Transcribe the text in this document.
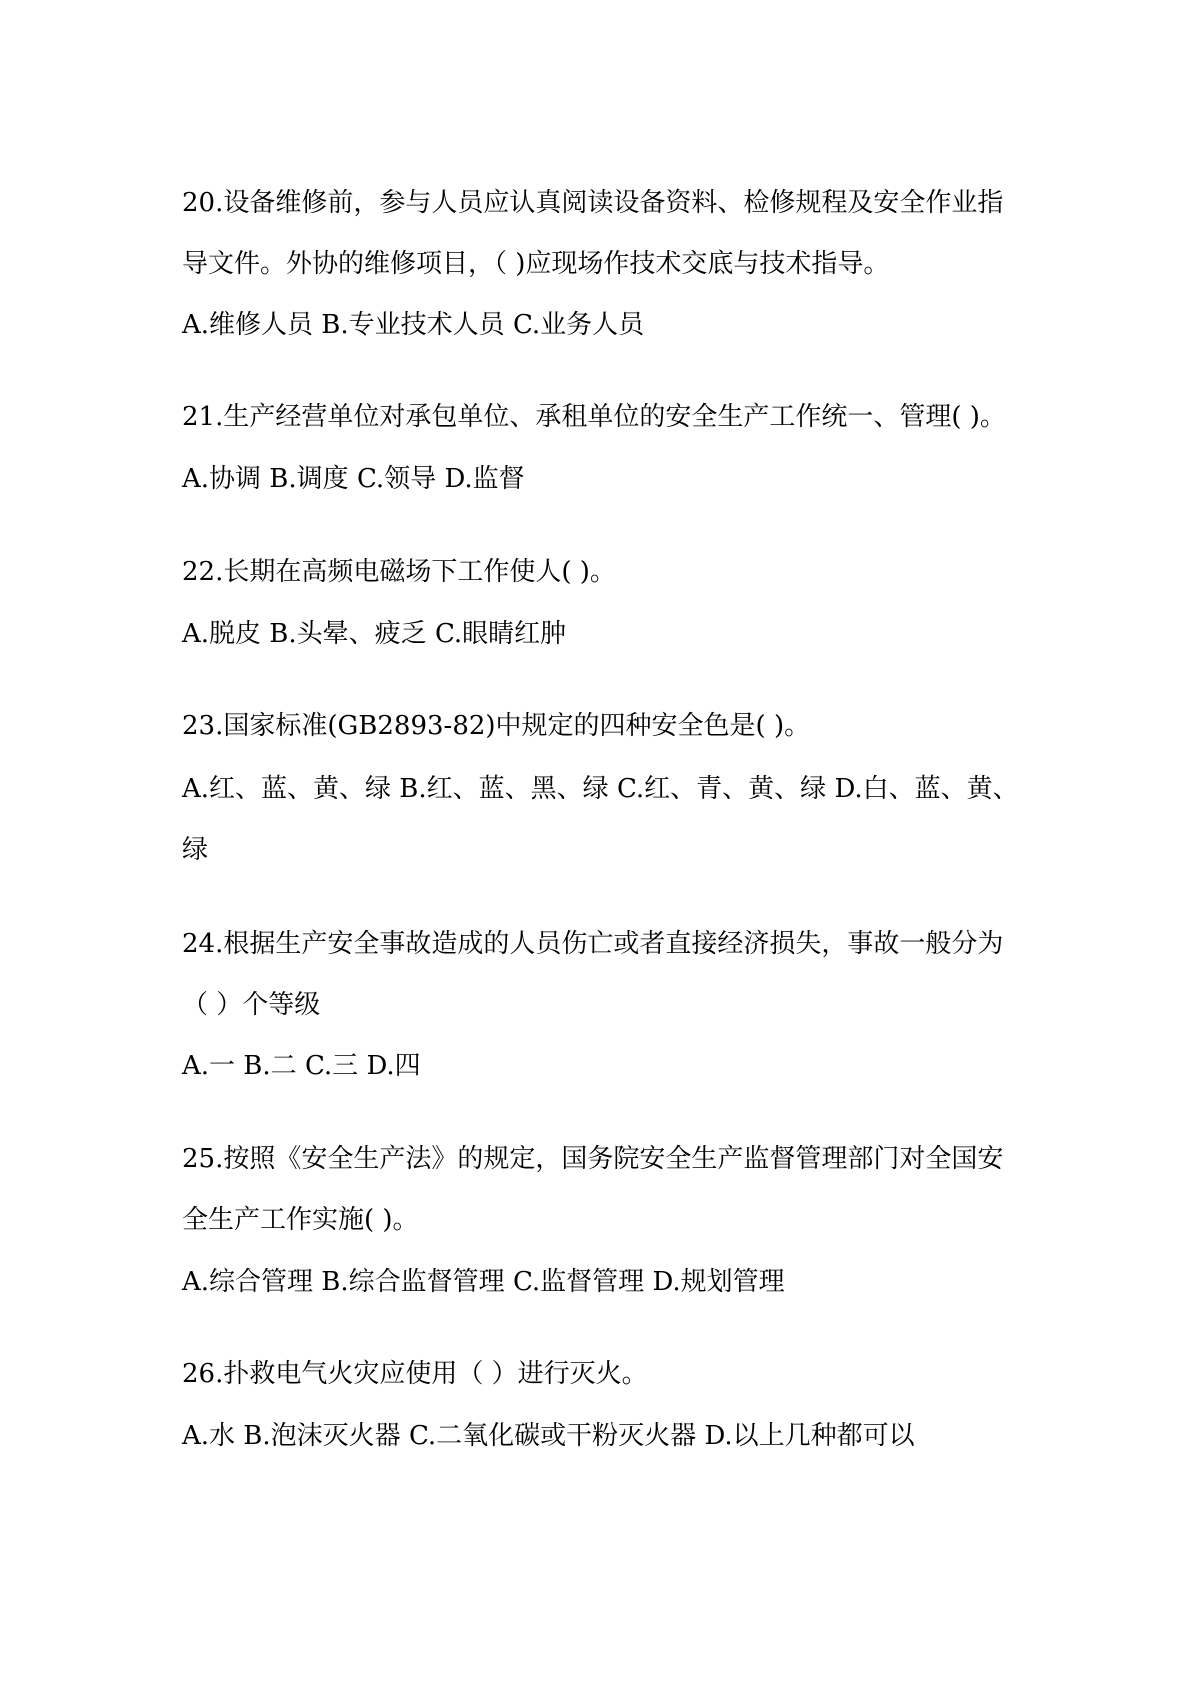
20.设备维修前，参与人员应认真阅读设备资料、检修规程及安全作业指
导文件。外协的维修项目，（ )应现场作技术交底与技术指导。
A.维修人员 B.专业技术人员 C.业务人员
21.生产经营单位对承包单位、承租单位的安全生产工作统一、管理( )。
A.协调 B.调度 C.领导 D.监督
22.长期在高频电磁场下工作使人( )。
A.脱皮 B.头晕、疲乏 C.眼睛红肿
23.国家标准(GB2893-82)中规定的四种安全色是( )。
A.红、蓝、黄、绿 B.红、蓝、黑、绿 C.红、青、黄、绿 D.白、蓝、黄、
绿
24.根据生产安全事故造成的人员伤亡或者直接经济损失，事故一般分为
（ ）个等级
A.一 B.二 C.三 D.四
25.按照《安全生产法》的规定，国务院安全生产监督管理部门对全国安
全生产工作实施( )。
A.综合管理 B.综合监督管理 C.监督管理 D.规划管理
26.扑救电气火灾应使用（ ）进行灭火。
A.水 B.泡沫灭火器 C.二氧化碳或干粉灭火器 D.以上几种都可以
